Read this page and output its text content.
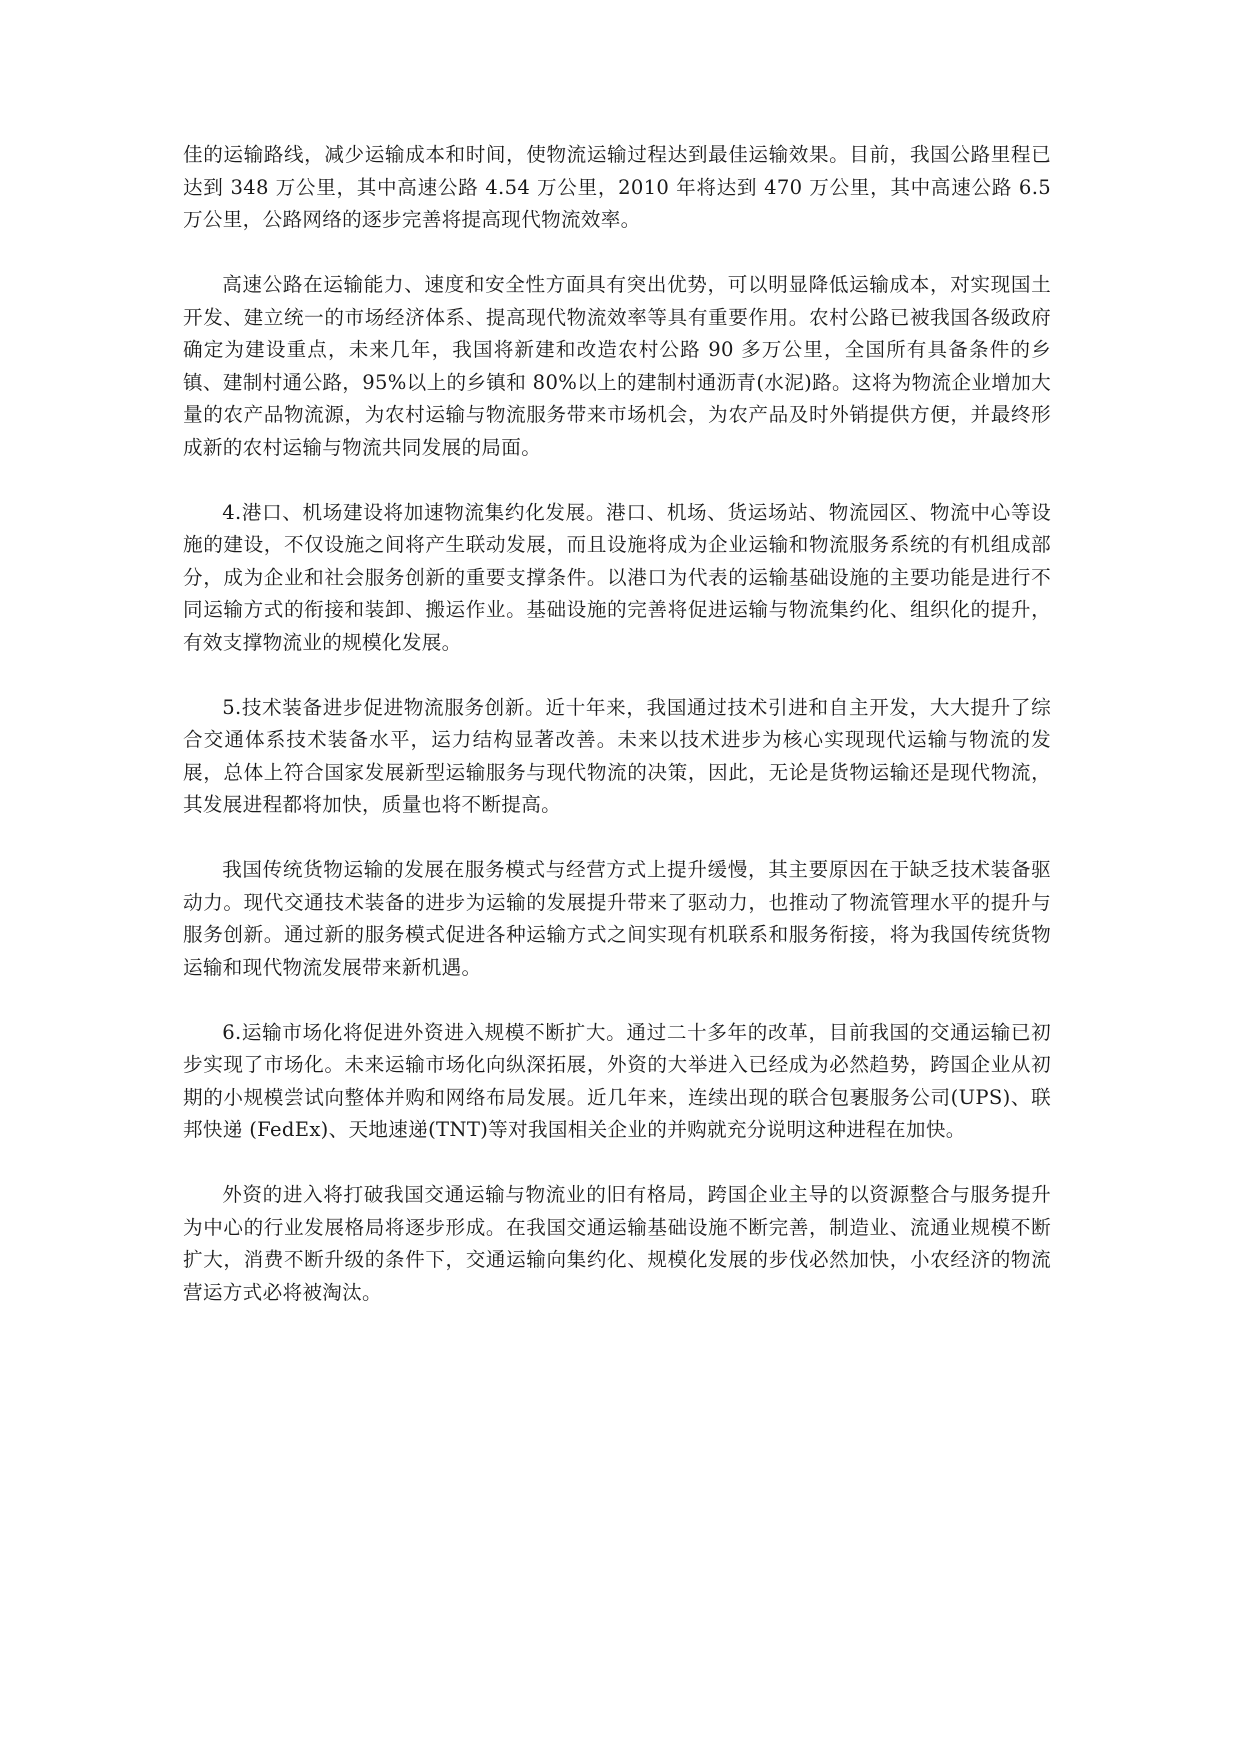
佳的运输路线，减少运输成本和时间，使物流运输过程达到最佳运输效果。目前，我国公路里程已达到 348 万公里，其中高速公路 4.54 万公里，2010 年将达到 470 万公里，其中高速公路 6.5 万公里，公路网络的逐步完善将提高现代物流效率。

高速公路在运输能力、速度和安全性方面具有突出优势，可以明显降低运输成本，对实现国土开发、建立统一的市场经济体系、提高现代物流效率等具有重要作用。农村公路已被我国各级政府确定为建设重点，未来几年，我国将新建和改造农村公路 90 多万公里，全国所有具备条件的乡镇、建制村通公路，95%以上的乡镇和 80%以上的建制村通沥青(水泥)路。这将为物流企业增加大量的农产品物流源，为农村运输与物流服务带来市场机会，为农产品及时外销提供方便，并最终形成新的农村运输与物流共同发展的局面。

4.港口、机场建设将加速物流集约化发展。港口、机场、货运场站、物流园区、物流中心等设施的建设，不仅设施之间将产生联动发展，而且设施将成为企业运输和物流服务系统的有机组成部分，成为企业和社会服务创新的重要支撑条件。以港口为代表的运输基础设施的主要功能是进行不同运输方式的衔接和装卸、搬运作业。基础设施的完善将促进运输与物流集约化、组织化的提升，有效支撑物流业的规模化发展。

5.技术装备进步促进物流服务创新。近十年来，我国通过技术引进和自主开发，大大提升了综合交通体系技术装备水平，运力结构显著改善。未来以技术进步为核心实现现代运输与物流的发展，总体上符合国家发展新型运输服务与现代物流的决策，因此，无论是货物运输还是现代物流，其发展进程都将加快，质量也将不断提高。

我国传统货物运输的发展在服务模式与经营方式上提升缓慢，其主要原因在于缺乏技术装备驱动力。现代交通技术装备的进步为运输的发展提升带来了驱动力，也推动了物流管理水平的提升与服务创新。通过新的服务模式促进各种运输方式之间实现有机联系和服务衔接，将为我国传统货物运输和现代物流发展带来新机遇。

6.运输市场化将促进外资进入规模不断扩大。通过二十多年的改革，目前我国的交通运输已初步实现了市场化。未来运输市场化向纵深拓展，外资的大举进入已经成为必然趋势，跨国企业从初期的小规模尝试向整体并购和网络布局发展。近几年来，连续出现的联合包裹服务公司(UPS)、联邦快递 (FedEx)、天地速递(TNT)等对我国相关企业的并购就充分说明这种进程在加快。

外资的进入将打破我国交通运输与物流业的旧有格局，跨国企业主导的以资源整合与服务提升为中心的行业发展格局将逐步形成。在我国交通运输基础设施不断完善，制造业、流通业规模不断扩大，消费不断升级的条件下，交通运输向集约化、规模化发展的步伐必然加快，小农经济的物流营运方式必将被淘汰。
